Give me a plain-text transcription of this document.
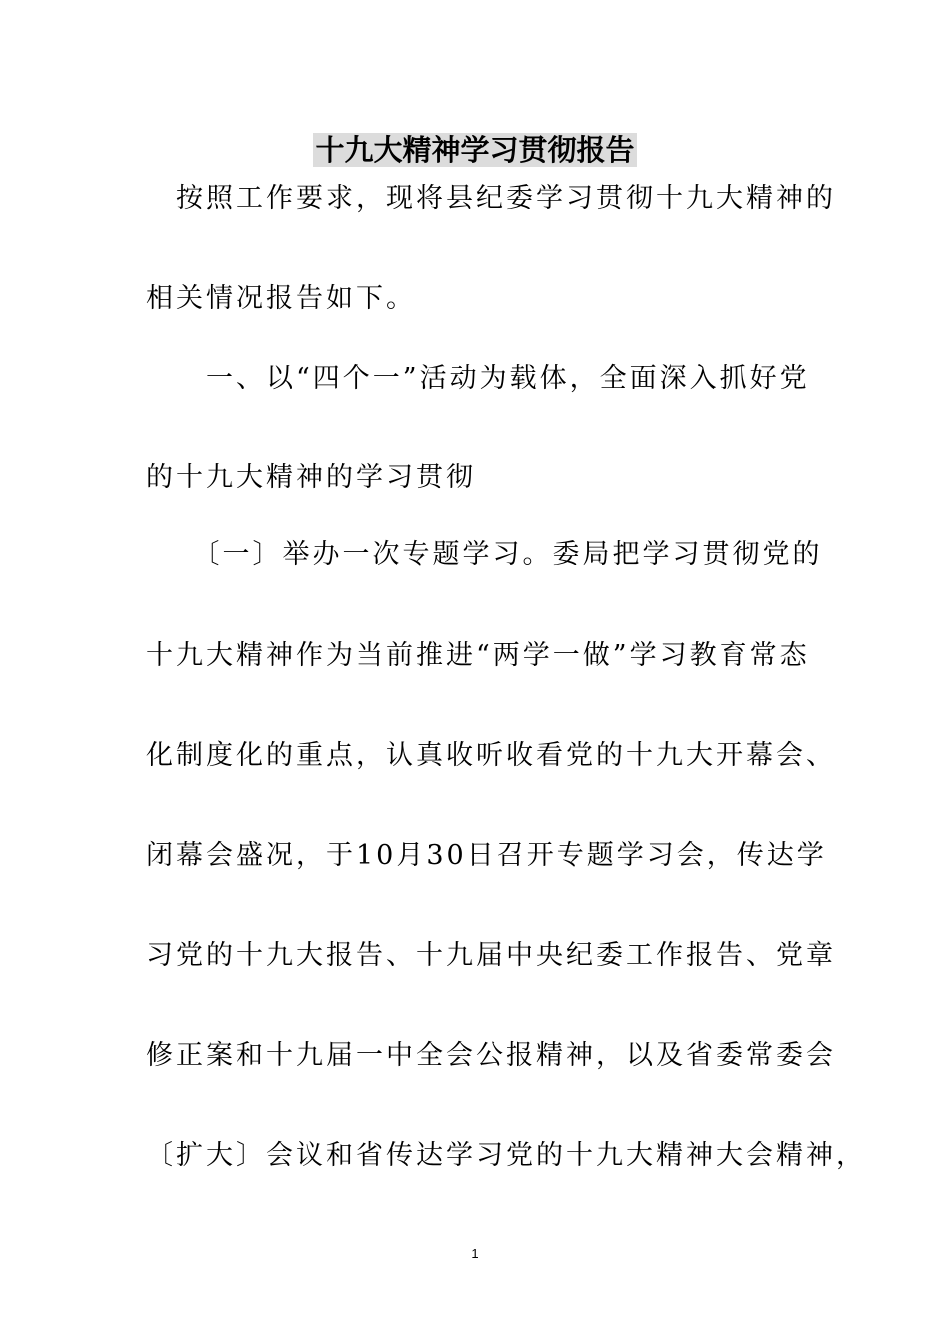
十九大精神学习贯彻报告
　按照工作要求，现将县纪委学习贯彻十九大精神的
相关情况报告如下。
　　一、以“四个一”活动为载体，全面深入抓好党
的十九大精神的学习贯彻
　　〔一〕举办一次专题学习。委局把学习贯彻党的
十九大精神作为当前推进“两学一做”学习教育常态
化制度化的重点，认真收听收看党的十九大开幕会、
闭幕会盛况，于10月30日召开专题学习会，传达学
习党的十九大报告、十九届中央纪委工作报告、党章
修正案和十九届一中全会公报精神，以及省委常委会
〔扩大〕会议和省传达学习党的十九大精神大会精神，
1
